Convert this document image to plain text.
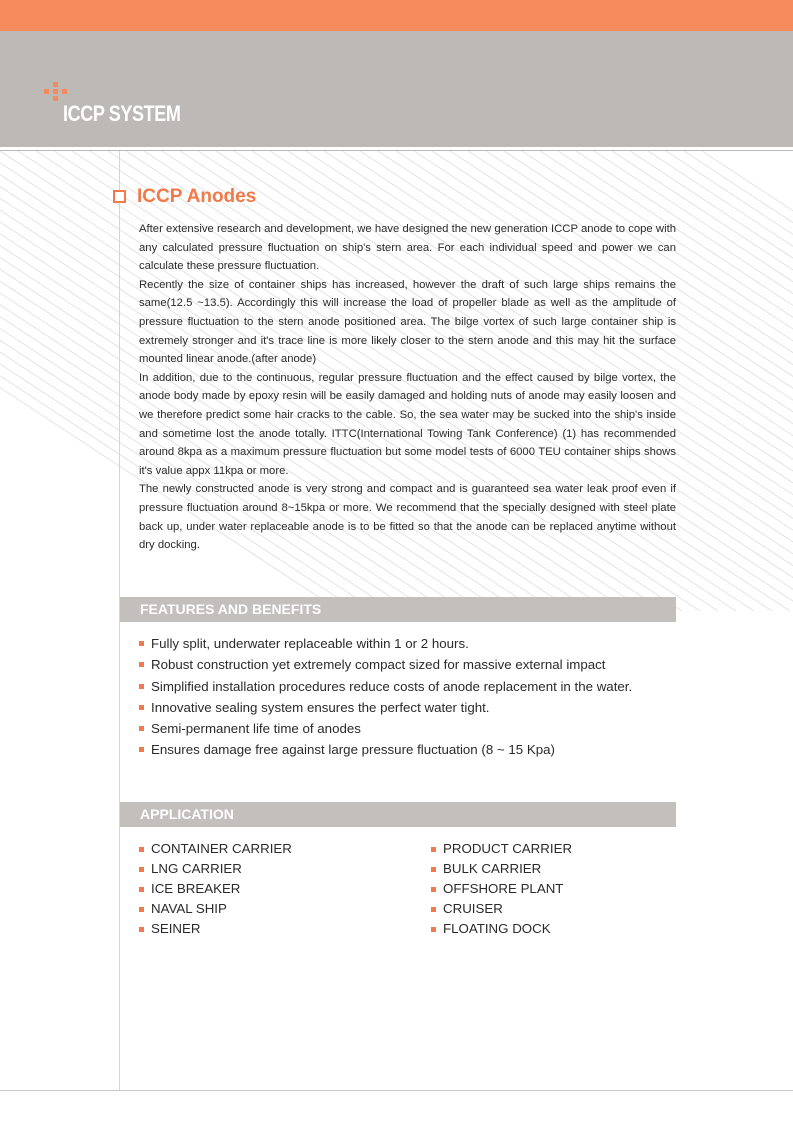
ICCP SYSTEM
ICCP Anodes

After extensive research and development, we have designed the new generation ICCP anode to cope with any calculated pressure fluctuation on ship's stern area. For each individual speed and power we can calculate these pressure fluctuation.

Recently the size of container ships has increased, however the draft of such large ships remains the same(12.5 ~13.5). Accordingly this will increase the load of propeller blade as well as the amplitude of pressure fluctuation to the stern anode positioned area. The bilge vortex of such large container ship is extremely stronger and it's trace line is more likely closer to the stern anode and this may hit the surface mounted linear anode.(after anode)

In addition, due to the continuous, regular pressure fluctuation and the effect caused by bilge vortex, the anode body made by epoxy resin will be easily damaged and holding nuts of anode may easily loosen and we therefore predict some hair cracks to the cable. So, the sea water may be sucked into the ship's inside and sometime lost the anode totally. ITTC(International Towing Tank Conference) (1) has recommended around 8kpa as a maximum pressure fluctuation but some model tests of 6000 TEU container ships shows it's value appx 11kpa or more.

The newly constructed anode is very strong and compact and is guaranteed sea water leak proof even if pressure fluctuation around 8~15kpa or more. We recommend that the specially designed with steel plate back up, under water replaceable anode is to be fitted so that the anode can be replaced anytime without dry docking.

FEATURES AND BENEFITS
Fully split, underwater replaceable within 1 or 2 hours.
Robust construction yet extremely compact sized for massive external impact
Simplified installation procedures reduce costs of anode replacement in the water.
Innovative sealing system ensures the perfect water tight.
Semi-permanent life time of anodes
Ensures damage free against large pressure fluctuation (8 ~ 15 Kpa)
APPLICATION
CONTAINER CARRIER
LNG CARRIER
ICE BREAKER
NAVAL SHIP
SEINER
PRODUCT CARRIER
BULK CARRIER
OFFSHORE PLANT
CRUISER
FLOATING DOCK
